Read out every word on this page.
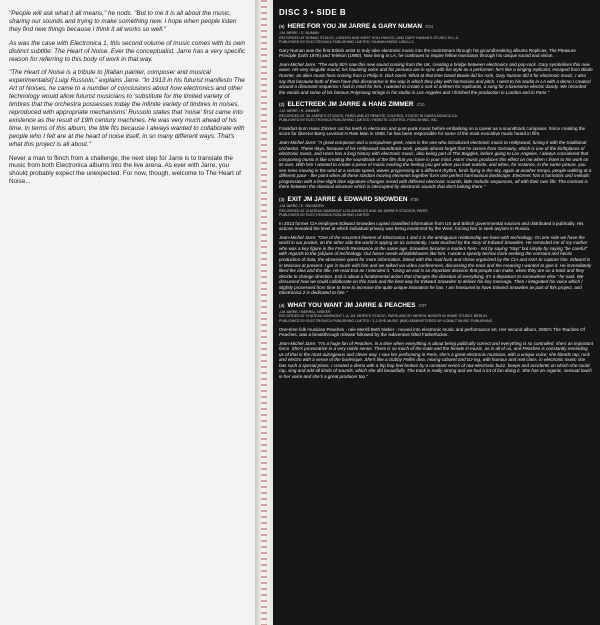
"People will ask what it all means," he nods. "But to me it is all about the music, sharing our sounds and trying to make something new. I hope when people listen they find new things because I think it all works so well."

As was the case with Electronica 1, this second volume of music comes with its own distinct subtitle: The Heart of Noise. Ever the conceptualist, Jarre has a very specific reason for referring to this body of work in that way.

"The Heart of Noise is a tribute to [Italian painter, composer and musical experimentalist] Luigi Russolo," explains Jarre. "In 1913 in his futurist manifesto The Art of Noises, he came to a number of conclusions about how electronics and other technology would allow futurist musicians to 'substitute for the limited variety of timbres that the orchestra possesses today the infinite variety of timbres in noises, reproduced with appropriate mechanisms' Russolo states that 'noise' first came into existence as the result of 19th century machines. He was very much ahead of his time. In terms of this album, the title fits because I always wanted to collaborate with people who I felt are at the heart of noise itself, in so many different ways. That's what this project is all about."

Never a man to flinch from a challenge, the next step for Jarre is to translate the music from both Electronica albums into the live arena. As ever with Jarre, you should probably expect the unexpected. For now, though, welcome to The Heart of Noise...

DISC 3 • SIDE B
(9) HERE FOR YOU JM JARRE & GARY NUMAN 4'04
J-M JARRE / G. NUMAN
RECORDED AT NOMAD STUDIO, LONDON AND WEST HOLLYWOOD, AND GARY NUMAN'S STUDIO IN L.A.
PUBLISHED BY ELECTRONICA PUBLISHING LIMITED / NUMAN MUSIC USA LLC

Gary Numan was the first British artist to truly take electronic music into the mainstream through his groundbreaking albums Replicas, The Pleasure Principle (both 1979) and Telekon (1980). Now living in LA, he continues to inspire fellow musicians through his unique sound and vision.

Jean-Michel Jarre: "The early 80's saw this new sound coming from the UK, creating a bridge between electronics and pop-rock. Gary symbolises this new wave. His very singular sound, his haunting voice and his persona are in sync with his style as a performer: he's like a singing replicant, escaped from Blade Runner, an alien music hero coming from a Philip K. Dick novel. What at that time David Bowie did for rock, Gary Numan did it for electronic music. I also say that because both of them have this dissonance in the way in which they play with harmonies and pitch. I went to his studio in LA with a demo I created around a dissonant sequence I had in mind for him. I wanted to create a sort of anthem for replicants, a song for a lonesome electric dandy. We recorded the vocals and some of his famous Polymoog strings in his studio in Los Angeles and I finished the production in London and in Paris."

(2) ELECTREEK JM JARRE & HANS ZIMMER 4'10
J-M JARRE / H. ZIMMER
RECORDED AT JM JARRE'S STUDIOS, PARIS AND AT REMOTE CONTROL STUDIO IN SANTA MONICA CA.
PUBLISHED BY ELECTRONICA PUBLISHING LIMITED / REMOTE CONTROL PUBLISHING, INC.

Frankfurt-born Hans Zimmer cut his teeth in electronic and post-punk music before embarking on a career as a soundtrack composer. Since creating the score for director Barry Levinson's Rain Man in 1988, he has been responsible for some of the most evocative music heard in film.

Jean-Michel Jarre: "A great composer and a compulsive geek, Hans is the one who introduced electronic music to Hollywood, fusing it with the traditional orchestra. These days, because of his Hollywood soundtrack work, people almost forget that he comes from Germany, which is one of the birthplaces of electronic music, and Hans has a long history with electronic music, also being part of The Buggles, before going to Los Angeles. I always considered that composing music is like creating the soundtrack of the film that you have in your mind. Hans' music produces this effect on me when I listen to his work on its own. With him I wanted to create a piece of music evoking the feeling you get when you look outside, and when, for instance, in the same picture, you see trees moving in the wind at a certain speed, waves progressing at a different rhythm, birds flying in the sky, again at another tempo, people walking at a different pace - the point when all these random moving elements together form one perfect harmonious landscape. Electreec has a harmonic and melodic progression with a few slight time signature changes mixed with different electronic sounds, little melodic sequences, all with their own life. The contrast is there between the classical structure which is interrupted by electronic sounds that don't belong there."

(3) EXIT JM JARRE & EDWARD SNOWDEN 8'38
J-M JARRE / E. SNOWDEN
RECORDED AT CHATEAU MARMONT LOS ANGELES AND JM JARRE'S STUDIOS, PARIS
PUBLISHED BY ELECTRONICA PUBLISHING LIMITED

In 2013 former CIA employee Edward Snowden copied classified information from US and British governmental sources and distributed it publically. His actions revealed the level at which individual privacy was being monitored by the West, forcing him to seek asylum in Russia.

Jean-Michel Jarre: "One of the recurrent themes of Electronica 1 and 2 is the ambiguous relationship we have with technology. On one side we have the world in our pocket, on the other side the world is spying on us constantly. I was touched by the story of Edward Snowden. He reminded me of my mother who was a key figure in the French Resistance at the same age. Snowden became a modern hero - not by saying "stop" but simply by saying "be careful" with regards to the (ab)use of technology. Our future needs whistleblowers like him. I wrote a speedy techno track evoking the constant and hectic production of data, the obsessive quest for more information, linked with this mad hunt and chase organized by the CIA and NSA to capture him. Edward is in Moscow at present. I got in touch with him and we talked via video conferences, discussing the track and the meaning I wanted to give it. He immediately liked the idea and the title. He read Exit as I intended it. "Using an exit is an important decision that people can make, when they are on a track and they decide to change direction. Exit is about a fundamental action that changes the direction of everything, it's a departure to somewhere else." he said. We discussed how we could collaborate on this track and the best way for Edward Snowden to deliver his key message. Then I integrated his voice which I slightly processed from time to time to increase the quite unique intonation he has. I am honoured to have Edward Snowden as part of this project, and Electronica 2 is dedicated to him."

(4) WHAT YOU WANT JM JARRE & PEACHES 3'37
J-M JARRE / MERRILL NISKER
RECORDED AT CHATEAU MARMONT L.A, JM JARRE'S STUDIO, PARIS AND BY MERRIL NISKER IN HOME STUDIO, BERLIN
PUBLISHED BY ELECTRONICA PUBLISHING LIMITED / 1-2-SHE MUSIC (BMI) ADMINISTERED BY KOBALT MUSIC PUBLISHING

One-time folk musician Peaches - née Merrill Beth Nisker - moved into electronic music and performance art. Her second album, 2000's The Teaches Of Peaches, was a breakthrough release followed by the subversive titled Fatherfucker.

Jean-Michel Jarre: "I'm a huge fan of Peaches. In a time when everything is about being politically correct and everything is so controlled, she's an important force. She's provocative in a very noble sense. There is so much of the male and the female in music, as in all of us, and Peaches is constantly reminding us of that in the most outrageous and clever way. I saw her performing in Paris, she's a great electronic musician, with a unique voice; she blends rap, rock and electro with a sense of the burlesque. She's like a clubby Fellini diva, mixing cabaret and DJ-ing, with humour and real class, in electronic music she has such a special place. I created a demo with a hip hop feel broken by a constant series of raw electronic buzz, beeps and accidents on which she could rap, sing and add all kinds of sounds, which she did beautifully. The track is really strong and we had a lot of fun doing it. She has an organic, sensual touch in her voice and she's a great producer too."
